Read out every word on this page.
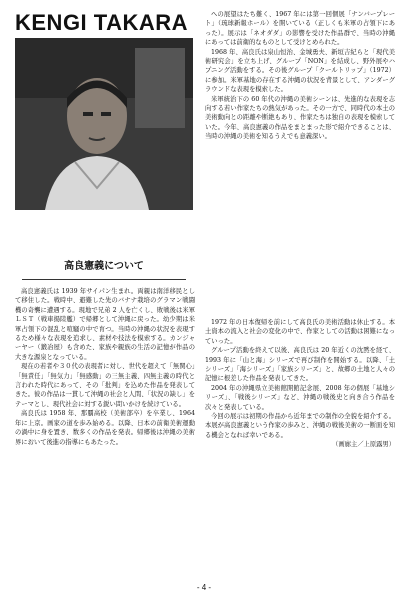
KENGI TAKARA
高良憲義について

高良憲義氏は 1939 年サイパン生まれ。両親は南洋移民として移住した。戦時中、避難した先のバナナ栽培のグラマン戦闘機の奇襲に遭遇する。現地で兄弟 2 人を亡くし、敗戦後は米軍ＬＳＴ（戦車揚陸艦）で帰郷として沖縄に戻った。幼少期は米軍占領下の混乱と喧騒の中で育つ。当時の沖縄の状況を表現するため様々な表現を追求し、素材や技法を模索する。カンジャーヤー（鍛冶屋）も含めた、家族や親族の生活の記憶が作品の大きな源泉となっている。

現在の若者や３０代の表現者に対し、世代を超えて「無関心」「無責任」「無気力」「無感動」の三無主義、四無主義の時代と言われた時代にあって、その「批判」を込めた作品を発表してきた。彼の作品は一貫して沖縄の社会と人間、「状況の缺し」をテーマとし、現代社会に対する鋭い問いかけを続けている。

高良氏は 1958 年、那覇高校（美術部卒）を卒業し、1964 年に上京。画家の道を歩み始める。以降、日本の前衛美術運動の渦中に身を置き、数多くの作品を発表。帰郷後は沖縄の美術界において後進の指導にもあたった。

への展望はたち難く、1967 年には第一回個展「ナンバープレート」（琉球新報ホール）を開いている（正しくも米軍の占領下にあった）。展示は「ネオダダ」の影響を受けた作品群で、当時の沖縄にあっては前衛的なものとして受けとめられた。

1968 年、高良氏は泉山恒治、金城勇夫、新垣吉紀らと「現代美術研究会」を立ち上げ、グループ「NON」を結成し、野外展やハプニング活動をする。その後グループ「クールトリップ」（1972）に参加。米軍基地の存在する沖縄の状況を背景として、アンダーグラウンドな表現を模索した。

米軍統治下の 60 年代の沖縄の美術シーンは、先進的な表現を志向する若い作家たちの熱気があった。その一方で、同時代の本土の美術動向との距離や断絶もあり、作家たちは独自の表現を模索していた。今年、高良憲義の作品をまとまった形で紹介できることは、当時の沖縄の美術を知るうえでも意義深い。

1972 年の日本復帰を前にして高良氏の美術活動は休止する。本土資本の流入と社会の変化の中で、作家としての活動は困難になっていった。

グループ活動を終えて以後、高良氏は 20 年近くの沈黙を経て、1993 年に「山と海」シリーズで再び制作を開始する。以降、「土シリーズ」「海シリーズ」「家族シリーズ」と、故郷の土地と人々の記憶に根差した作品を発表してきた。

2004 年の沖縄県立美術館開館記念展、2008 年の個展「基地シリーズ」、「戦後シリーズ」など、沖縄の戦後史と向き合う作品を次々と発表している。

今回の展示は初期の作品から近年までの制作の全貌を紹介する。本展が高良憲義という作家の歩みと、沖縄の戦後美術の一断面を知る機会となれば幸いである。

（画廊主／上原露男）

- 4 -
